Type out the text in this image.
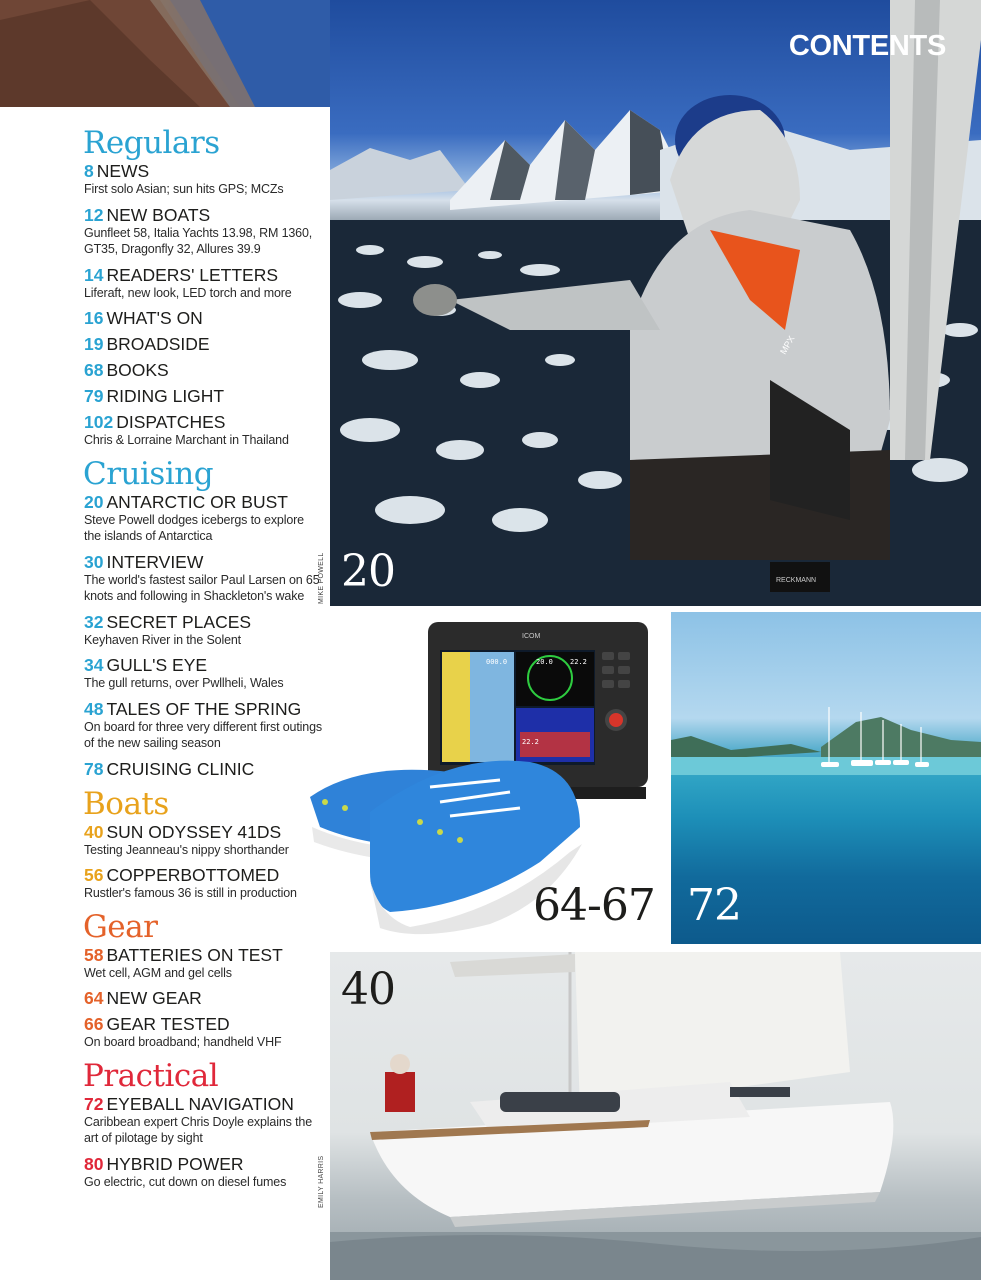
MPX
RECKMANN
CONTENTS
20
MIKE POWELL
ICOM
000.0	20.0 22.2
22.2
64-67 72
40
EMILY HARRIS
Regulars
8 NEWS
First solo Asian; sun hits GPS; MCZs
12 NEW BOATS
Gunfleet 58, Italia Yachts 13.98, RM 1360, GT35, Dragonfly 32, Allures 39.9
14 READERS' LETTERS
Liferaft, new look, LED torch and more
16 WHAT'S ON
19 BROADSIDE
68 BOOKS
79 RIDING LIGHT
102 DISPATCHES
Chris & Lorraine Marchant in Thailand
Cruising
20 ANTARCTIC OR BUST
Steve Powell dodges icebergs to explore the islands of Antarctica
30 INTERVIEW
The world's fastest sailor Paul Larsen on 65 knots and following in Shackleton's wake
32 SECRET PLACES
Keyhaven River in the Solent
34 GULL'S EYE
The gull returns, over Pwllheli, Wales
48 TALES OF THE SPRING
On board for three very different first outings of the new sailing season
78 CRUISING CLINIC
Boats
40 SUN ODYSSEY 41DS
Testing Jeanneau's nippy shorthander
56 COPPERBOTTOMED
Rustler's famous 36 is still in production
Gear
58 BATTERIES ON TEST
Wet cell, AGM and gel cells
64 NEW GEAR
66 GEAR TESTED
On board broadband; handheld VHF
Practical
72 EYEBALL NAVIGATION
Caribbean expert Chris Doyle explains the art of pilotage by sight
80 HYBRID POWER
Go electric, cut down on diesel fumes
